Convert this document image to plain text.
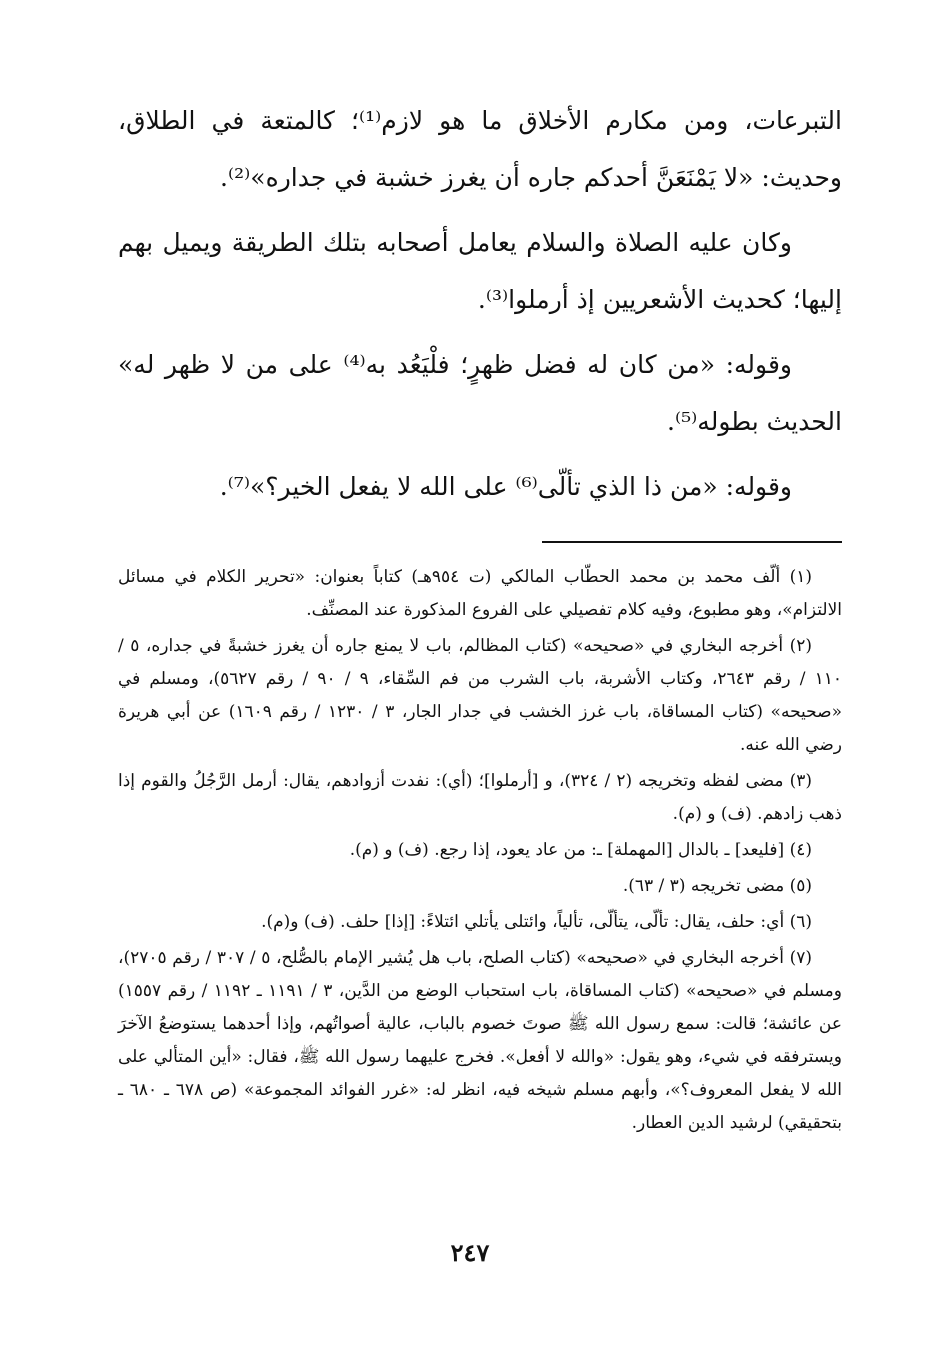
التبرعات، ومن مكارم الأخلاق ما هو لازم⁽¹⁾؛ كالمتعة في الطلاق، وحديث: «لا يَمْنَعَنَّ أحدكم جاره أن يغرز خشبة في جداره»⁽²⁾.

وكان عليه الصلاة والسلام يعامل أصحابه بتلك الطريقة ويميل بهم إليها؛ كحديث الأشعريين إذ أرملوا⁽³⁾.

وقوله: «من كان له فضل ظهرٍ؛ فلْيَعُد به⁽⁴⁾ على من لا ظهر له» الحديث بطوله⁽⁵⁾.

وقوله: «من ذا الذي تألّى⁽⁶⁾ على الله لا يفعل الخير؟»⁽⁷⁾.

(١) ألّف محمد بن محمد الحطّاب المالكي (ت ٩٥٤هـ) كتاباً بعنوان: «تحرير الكلام في مسائل الالتزام»، وهو مطبوع، وفيه كلام تفصيلي على الفروع المذكورة عند المصنِّف.

(٢) أخرجه البخاري في «صحيحه» (كتاب المظالم، باب لا يمنع جاره أن يغرز خشبةً في جداره، ٥ / ١١٠ / رقم ٢٦٤٣، وكتاب الأشربة، باب الشرب من فم السِّقاء، ٩ / ٩٠ / رقم ٥٦٢٧)، ومسلم في «صحيحه» (كتاب المساقاة، باب غرز الخشب في جدار الجار، ٣ / ١٢٣٠ / رقم ١٦٠٩) عن أبي هريرة رضي الله عنه.

(٣) مضى لفظه وتخريجه (٢ / ٣٢٤)، و [أرملوا]؛ (أي): نفدت أزوادهم، يقال: أرمل الرَّجُلُ والقوم إذا ذهب زادهم. (ف) و (م).

(٤) [فليعد] ـ بالدال [المهملة] ـ: من عاد يعود، إذا رجع. (ف) و (م).

(٥) مضى تخريجه (٣ / ٦٣).

(٦) أي: حلف، يقال: تألّى، يتألّى، تألياً، وائتلى يأتلي ائتلاءً: [إذا] حلف. (ف) و(م).

(٧) أخرجه البخاري في «صحيحه» (كتاب الصلح، باب هل يُشير الإمام بالصُّلح، ٥ / ٣٠٧ / رقم ٢٧٠٥)، ومسلم في «صحيحه» (كتاب المساقاة، باب استحباب الوضع من الدَّين، ٣ / ١١٩١ ـ ١١٩٢ / رقم ١٥٥٧) عن عائشة؛ قالت: سمع رسول الله ﷺ صوتَ خصوم بالباب، عالية أصواتُهم، وإذا أحدهما يستوضعُ الآخرَ ويسترفقه في شيء، وهو يقول: «والله لا أفعل». فخرج عليهما رسول الله ﷺ، فقال: «أين المتألي على الله لا يفعل المعروف؟»، وأبهم مسلم شيخه فيه، انظر له: «غرر الفوائد المجموعة» (ص ٦٧٨ ـ ٦٨٠ ـ بتحقيقي) لرشيد الدين العطار.

٢٤٧
